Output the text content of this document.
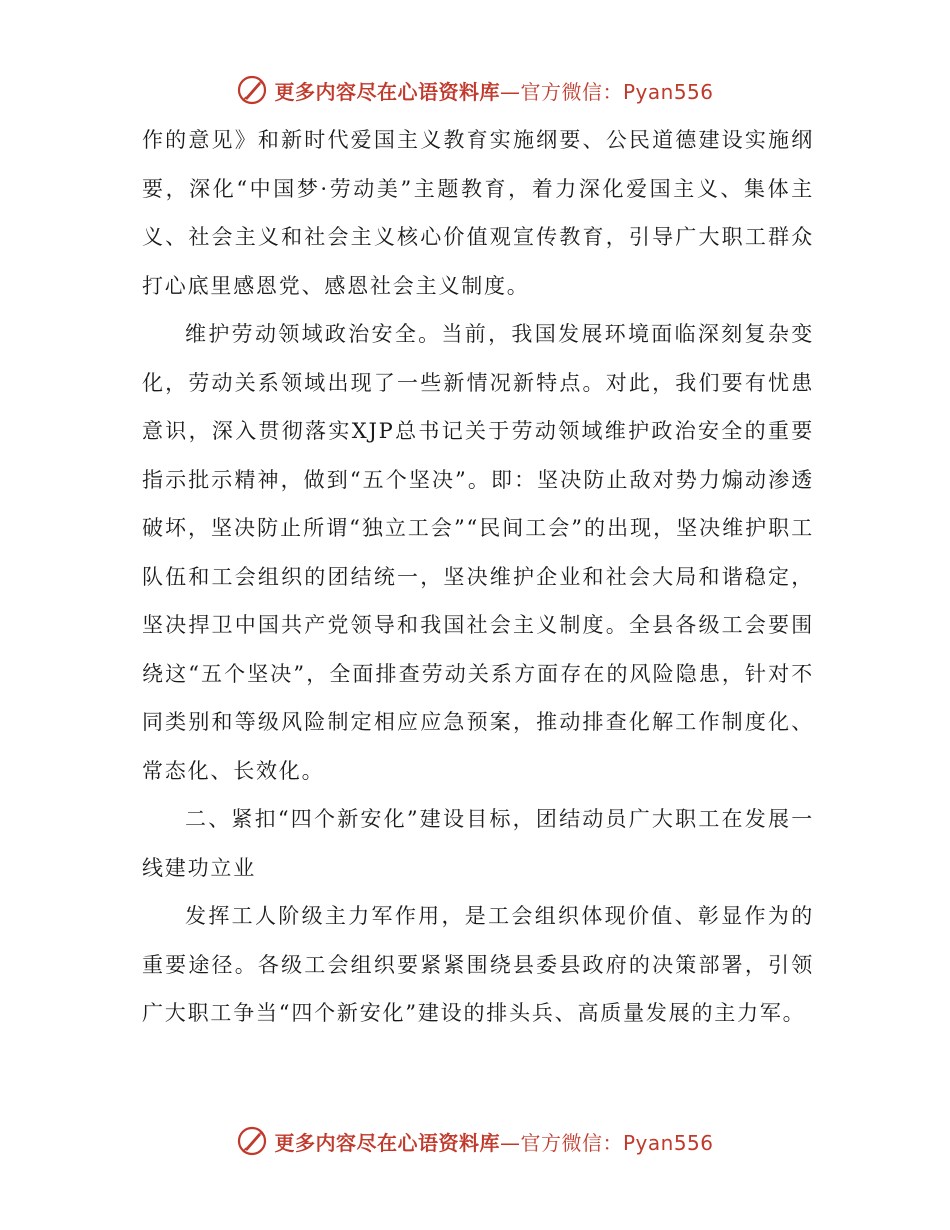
更多内容尽在心语资料库—官方微信：Pyan556

作的意见》和新时代爱国主义教育实施纲要、公民道德建设实施纲要，深化“中国梦·劳动美”主题教育，着力深化爱国主义、集体主义、社会主义和社会主义核心价值观宣传教育，引导广大职工群众打心底里感恩党、感恩社会主义制度。

维护劳动领域政治安全。当前，我国发展环境面临深刻复杂变化，劳动关系领域出现了一些新情况新特点。对此，我们要有忧患意识，深入贯彻落实XJP总书记关于劳动领域维护政治安全的重要指示批示精神，做到“五个坚决”。即：坚决防止敌对势力煽动渗透破坏，坚决防止所谓“独立工会”“民间工会”的出现，坚决维护职工队伍和工会组织的团结统一，坚决维护企业和社会大局和谐稳定，坚决捍卫中国共产党领导和我国社会主义制度。全县各级工会要围绕这“五个坚决”，全面排查劳动关系方面存在的风险隐患，针对不同类别和等级风险制定相应应急预案，推动排查化解工作制度化、常态化、长效化。

二、紧扣“四个新安化”建设目标，团结动员广大职工在发展一线建功立业

发挥工人阶级主力军作用，是工会组织体现价值、彰显作为的重要途径。各级工会组织要紧紧围绕县委县政府的决策部署，引领广大职工争当“四个新安化”建设的排头兵、高质量发展的主力军。

更多内容尽在心语资料库—官方微信：Pyan556
